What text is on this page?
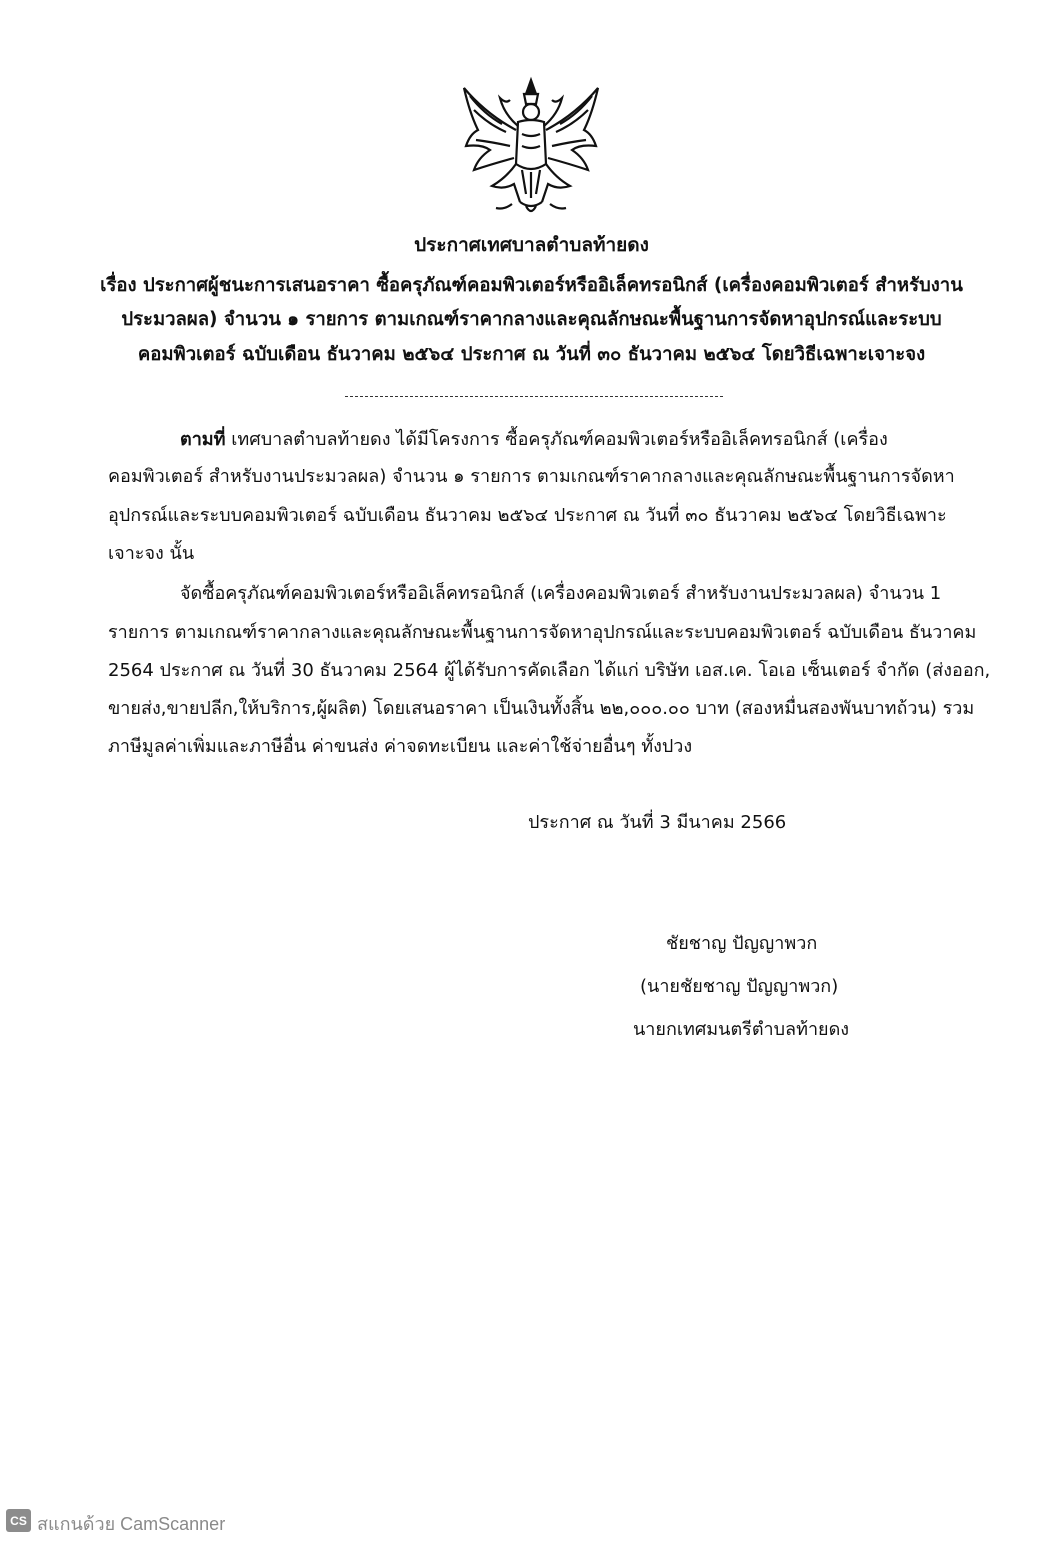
ประกาศเทศบาลตำบลท้ายดง
เรื่อง ประกาศผู้ชนะการเสนอราคา ซื้อครุภัณฑ์คอมพิวเตอร์หรืออิเล็คทรอนิกส์ (เครื่องคอมพิวเตอร์ สำหรับงาน
ประมวลผล) จำนวน ๑ รายการ ตามเกณฑ์ราคากลางและคุณลักษณะพื้นฐานการจัดหาอุปกรณ์และระบบ
คอมพิวเตอร์ ฉบับเดือน ธันวาคม ๒๕๖๔ ประกาศ ณ วันที่ ๓๐ ธันวาคม ๒๕๖๔ โดยวิธีเฉพาะเจาะจง
ตามที่ เทศบาลตำบลท้ายดง ได้มีโครงการ ซื้อครุภัณฑ์คอมพิวเตอร์หรืออิเล็คทรอนิกส์ (เครื่อง
คอมพิวเตอร์ สำหรับงานประมวลผล) จำนวน ๑ รายการ ตามเกณฑ์ราคากลางและคุณลักษณะพื้นฐานการจัดหา
อุปกรณ์และระบบคอมพิวเตอร์ ฉบับเดือน ธันวาคม ๒๕๖๔ ประกาศ ณ วันที่ ๓๐ ธันวาคม ๒๕๖๔ โดยวิธีเฉพาะ
เจาะจง นั้น
จัดซื้อครุภัณฑ์คอมพิวเตอร์หรืออิเล็คทรอนิกส์ (เครื่องคอมพิวเตอร์ สำหรับงานประมวลผล) จำนวน 1
รายการ ตามเกณฑ์ราคากลางและคุณลักษณะพื้นฐานการจัดหาอุปกรณ์และระบบคอมพิวเตอร์ ฉบับเดือน ธันวาคม
2564 ประกาศ ณ วันที่ 30 ธันวาคม 2564 ผู้ได้รับการคัดเลือก ได้แก่ บริษัท เอส.เค. โอเอ เซ็นเตอร์ จำกัด (ส่งออก,
ขายส่ง,ขายปลีก,ให้บริการ,ผู้ผลิต) โดยเสนอราคา เป็นเงินทั้งสิ้น ๒๒,๐๐๐.๐๐ บาท (สองหมื่นสองพันบาทถ้วน) รวม
ภาษีมูลค่าเพิ่มและภาษีอื่น ค่าขนส่ง ค่าจดทะเบียน และค่าใช้จ่ายอื่นๆ ทั้งปวง
ประกาศ ณ วันที่ 3 มีนาคม 2566
ชัยชาญ ปัญญาพวก
(นายชัยชาญ ปัญญาพวก)
นายกเทศมนตรีตำบลท้ายดง
CS สแกนด้วย CamScanner
